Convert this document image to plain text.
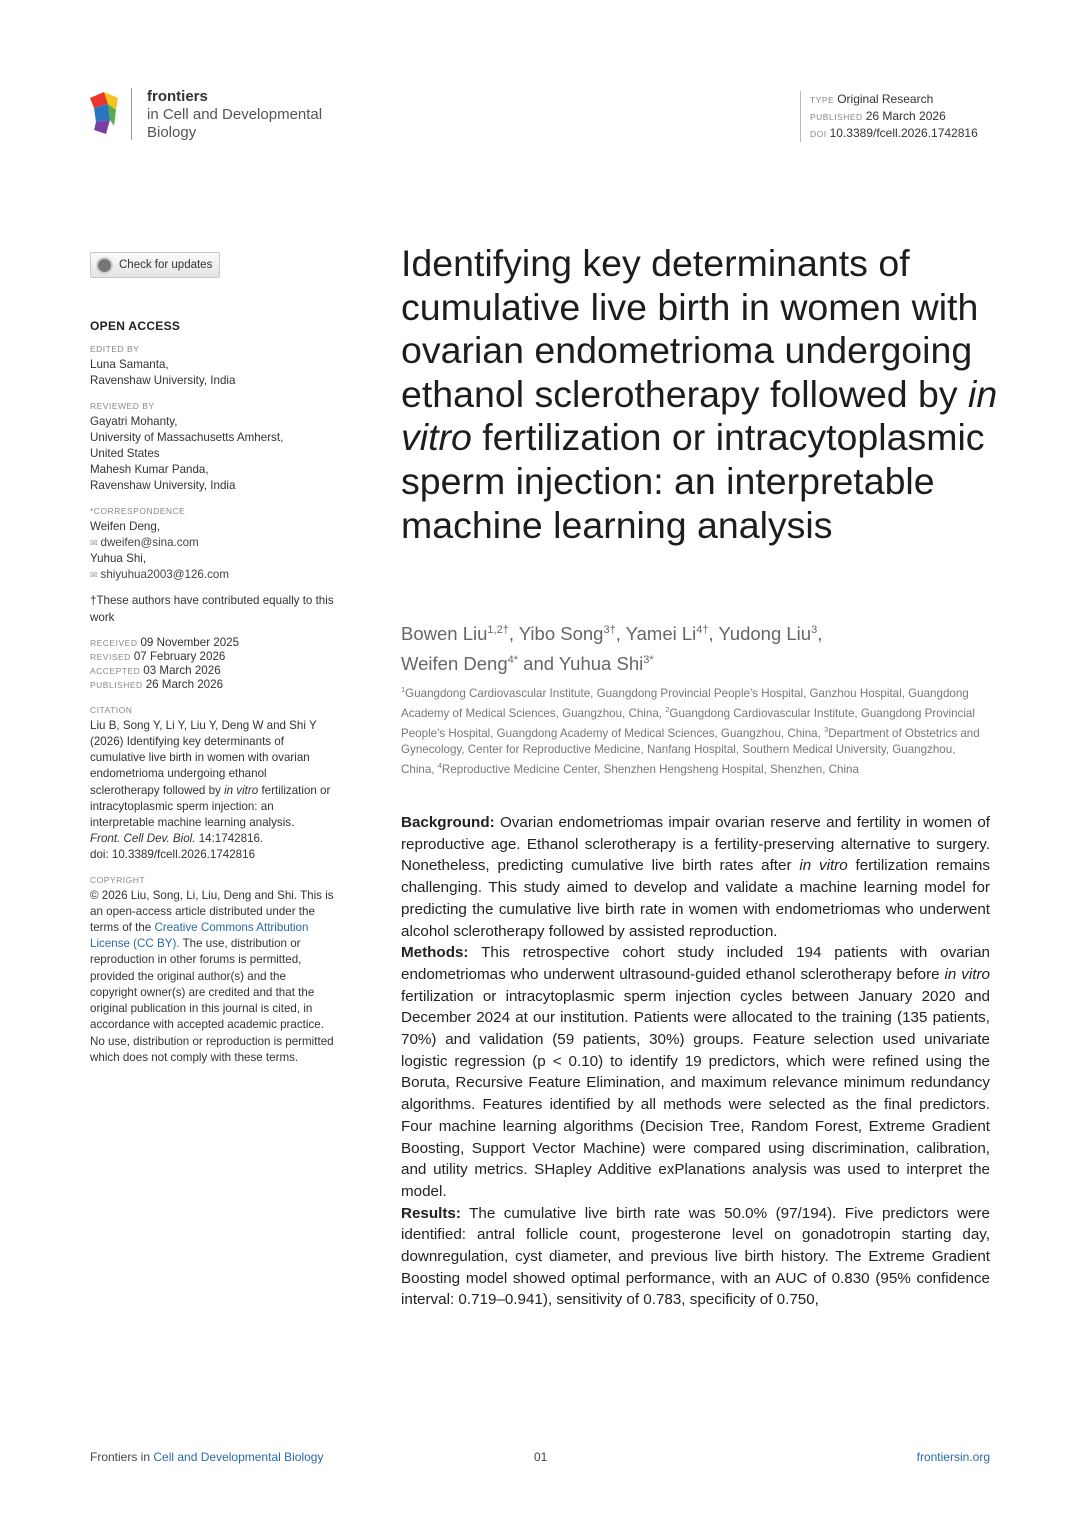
frontiers
in Cell and Developmental
Biology
TYPE Original Research
PUBLISHED 26 March 2026
DOI 10.3389/fcell.2026.1742816
Check for updates
OPEN ACCESS
EDITED BY
Luna Samanta,
Ravenshaw University, India
REVIEWED BY
Gayatri Mohanty,
University of Massachusetts Amherst,
United States
Mahesh Kumar Panda,
Ravenshaw University, India
*CORRESPONDENCE
Weifen Deng,
✉ dweifen@sina.com
Yuhua Shi,
✉ shiyuhua2003@126.com
†These authors have contributed equally to this work
RECEIVED 09 November 2025
REVISED 07 February 2026
ACCEPTED 03 March 2026
PUBLISHED 26 March 2026
CITATION
Liu B, Song Y, Li Y, Liu Y, Deng W and Shi Y (2026) Identifying key determinants of cumulative live birth in women with ovarian endometrioma undergoing ethanol sclerotherapy followed by in vitro fertilization or intracytoplasmic sperm injection: an interpretable machine learning analysis.
Front. Cell Dev. Biol. 14:1742816.
doi: 10.3389/fcell.2026.1742816
COPYRIGHT
© 2026 Liu, Song, Li, Liu, Deng and Shi. This is an open-access article distributed under the terms of the Creative Commons Attribution License (CC BY). The use, distribution or reproduction in other forums is permitted, provided the original author(s) and the copyright owner(s) are credited and that the original publication in this journal is cited, in accordance with accepted academic practice. No use, distribution or reproduction is permitted which does not comply with these terms.
Identifying key determinants of cumulative live birth in women with ovarian endometrioma undergoing ethanol sclerotherapy followed by in vitro fertilization or intracytoplasmic sperm injection: an interpretable machine learning analysis
Bowen Liu$^{1,2\dagger}$, Yibo Song$^{3\dagger}$, Yamei $Li^{4\dagger}$, Yudong Liu$^3$,
Weifen Deng$^{4*}$ and Yuhua Shi$^{3*}$
$^1$Guangdong Cardiovascular Institute, Guangdong Provincial People's Hospital, Ganzhou Hospital, Guangdong Academy of Medical Sciences, Guangzhou, China, $^2$Guangdong Cardiovascular Institute, Guangdong Provincial People's Hospital, Guangdong Academy of Medical Sciences, Guangzhou, China, $^3$Department of Obstetrics and Gynecology, Center for Reproductive Medicine, Nanfang Hospital, Southern Medical University, Guangzhou, China, $^4$Reproductive Medicine Center, Shenzhen Hengsheng Hospital, Shenzhen, China

Background: Ovarian endometriomas impair ovarian reserve and fertility in women of reproductive age. Ethanol sclerotherapy is a fertility-preserving alternative to surgery. Nonetheless, predicting cumulative live birth rates after in vitro fertilization remains challenging. This study aimed to develop and validate a machine learning model for predicting the cumulative live birth rate in women with endometriomas who underwent alcohol sclerotherapy followed by assisted reproduction.

Methods: This retrospective cohort study included 194 patients with ovarian endometriomas who underwent ultrasound-guided ethanol sclerotherapy before in vitro fertilization or intracytoplasmic sperm injection cycles between January 2020 and December 2024 at our institution. Patients were allocated to the training (135 patients, 70%) and validation (59 patients, 30%) groups. Feature selection used univariate logistic regression (p < 0.10) to identify 19 predictors, which were refined using the Boruta, Recursive Feature Elimination, and maximum relevance minimum redundancy algorithms. Features identified by all methods were selected as the final predictors. Four machine learning algorithms (Decision Tree, Random Forest, Extreme Gradient Boosting, Support Vector Machine) were compared using discrimination, calibration, and utility metrics. SHapley Additive exPlanations analysis was used to interpret the model.

Results: The cumulative live birth rate was 50.0% (97/194). Five predictors were identified: antral follicle count, progesterone level on gonadotropin starting day, downregulation, cyst diameter, and previous live birth history. The Extreme Gradient Boosting model showed optimal performance, with an AUC of 0.830 (95% confidence interval: 0.719–0.941), sensitivity of 0.783, specificity of 0.750,

Frontiers in Cell and Developmental Biology	01	frontiersin.org
